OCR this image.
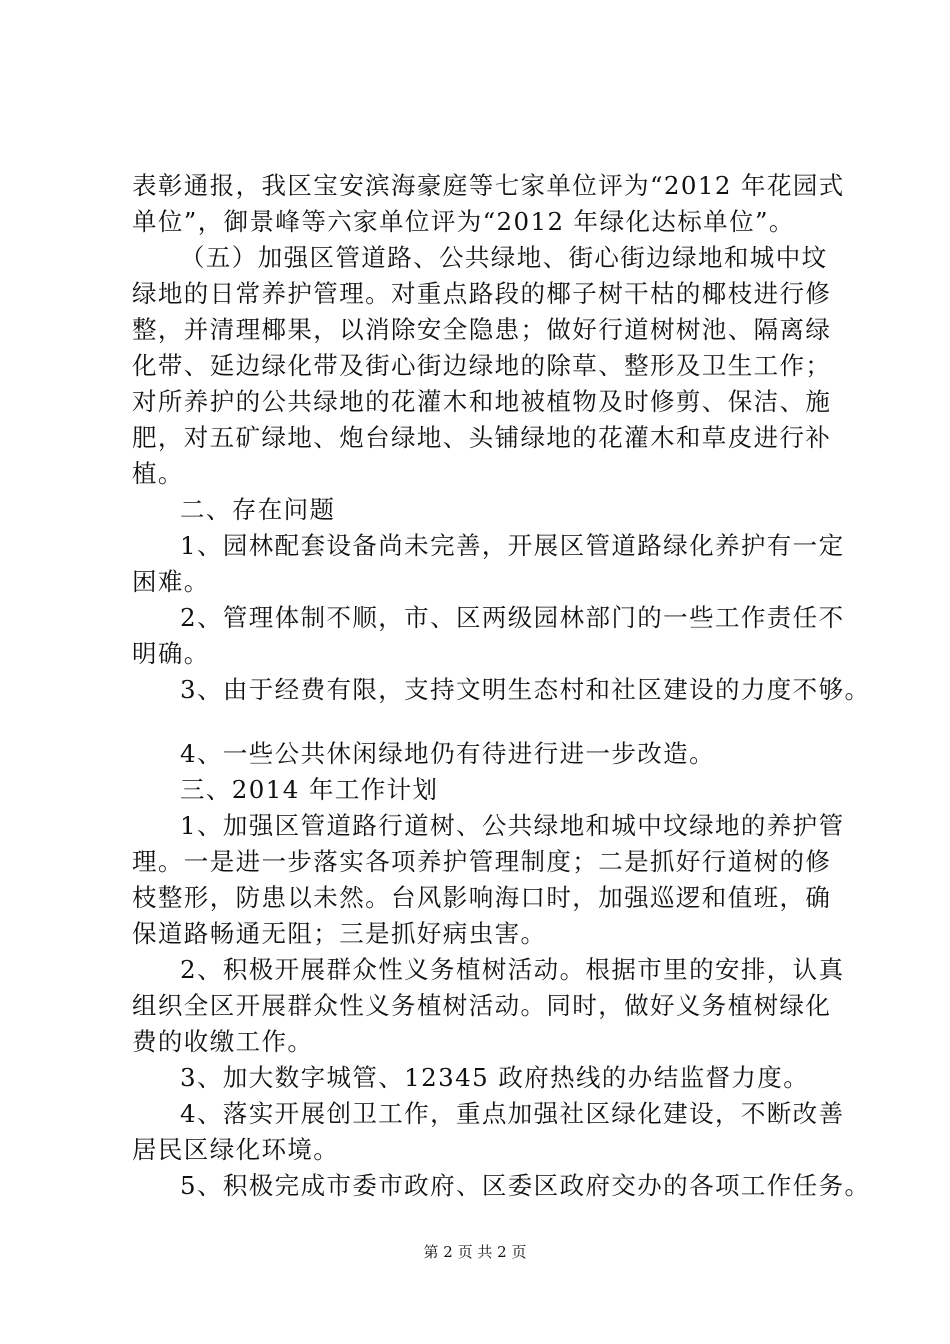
表彰通报，我区宝安滨海豪庭等七家单位评为“2012 年花园式
单位”，御景峰等六家单位评为“2012 年绿化达标单位”。
（五）加强区管道路、公共绿地、街心街边绿地和城中坟
绿地的日常养护管理。对重点路段的椰子树干枯的椰枝进行修
整，并清理椰果，以消除安全隐患；做好行道树树池、隔离绿
化带、延边绿化带及街心街边绿地的除草、整形及卫生工作；
对所养护的公共绿地的花灌木和地被植物及时修剪、保洁、施
肥，对五矿绿地、炮台绿地、头铺绿地的花灌木和草皮进行补
植。
二、存在问题
1、园林配套设备尚未完善，开展区管道路绿化养护有一定
困难。
2、管理体制不顺，市、区两级园林部门的一些工作责任不
明确。
3、由于经费有限，支持文明生态村和社区建设的力度不够。
4、一些公共休闲绿地仍有待进行进一步改造。
三、2014 年工作计划
1、加强区管道路行道树、公共绿地和城中坟绿地的养护管
理。一是进一步落实各项养护管理制度；二是抓好行道树的修
枝整形，防患以未然。台风影响海口时，加强巡逻和值班，确
保道路畅通无阻；三是抓好病虫害。
2、积极开展群众性义务植树活动。根据市里的安排，认真
组织全区开展群众性义务植树活动。同时，做好义务植树绿化
费的收缴工作。
3、加大数字城管、12345 政府热线的办结监督力度。
4、落实开展创卫工作，重点加强社区绿化建设，不断改善
居民区绿化环境。
5、积极完成市委市政府、区委区政府交办的各项工作任务。
第 2 页 共 2 页
